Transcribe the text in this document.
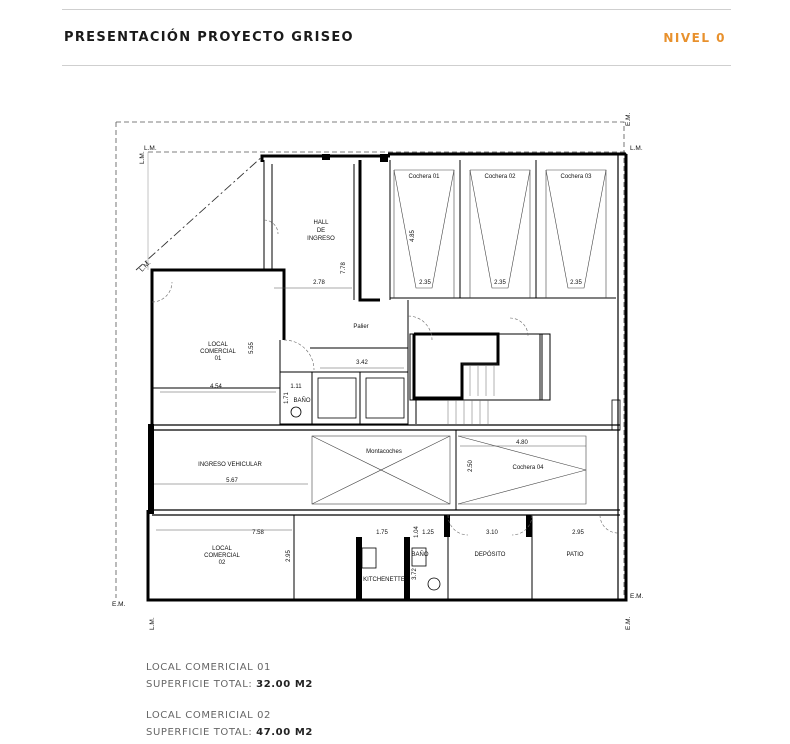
PRESENTACIÓN PROYECTO GRISEO	NIVEL 0
L.M.	L.M.
E.M.
E.M.
E.M.
L.M.	E.M.
L.M.
L.M.
HALL
DE
INGRESO
Cochera 01	Cochera 02	Cochera 03
LOCAL
COMERCIAL
01
Palier
BAÑO
Montacoches
Cochera 04
INGRESO VEHICULAR
LOCAL
COMERCIAL
02
KITCHENETTE
BAÑO	DEPÓSITO	PATIO
4.85
7.78
2.78	2.35	2.35	2.35
5.55
4.54
3.42
1.11
1.71
4.80
2.50
5.67
7.58
2.95
1.75	1.04 1.25	3.10	2.95
3.72
LOCAL COMERICIAL 01
SUPERFICIE TOTAL: 32.00 M2
LOCAL COMERICIAL 02
SUPERFICIE TOTAL: 47.00 M2
